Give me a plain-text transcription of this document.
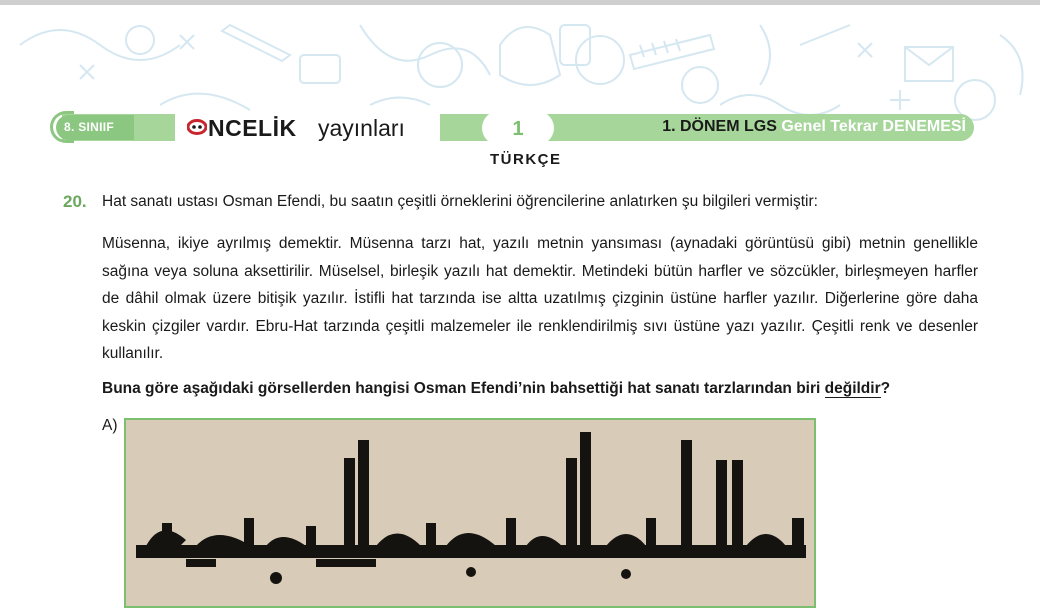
8. SINIIF	NCELİK yayınları	1	1. DÖNEM LGS Genel Tekrar DENEMESİ
TÜRKÇE
20. Hat sanatı ustası Osman Efendi, bu saatın çeşitli örneklerini öğrencilerine anlatırken şu bilgileri vermiştir:

Müsenna, ikiye ayrılmış demektir. Müsenna tarzı hat, yazılı metnin yansıması (aynadaki görüntüsü gibi) metnin genellikle sağına veya soluna aksettirilir. Müselsel, birleşik yazılı hat demektir. Metindeki bütün harfler ve sözcükler, birleşmeyen harfler de dâhil olmak üzere bitişik yazılır. İstifli hat tarzında ise altta uzatılmış çizginin üstüne harfler yazılır. Diğerlerine göre daha keskin çizgiler vardır. Ebru-Hat tarzında çeşitli malzemeler ile renklendirilmiş sıvı üstüne yazı yazılır. Çeşitli renk ve desenler kullanılır.

Buna göre aşağıdaki görsellerden hangisi Osman Efendi’nin bahsettiği hat sanatı tarzlarından biri değildir?
A)
